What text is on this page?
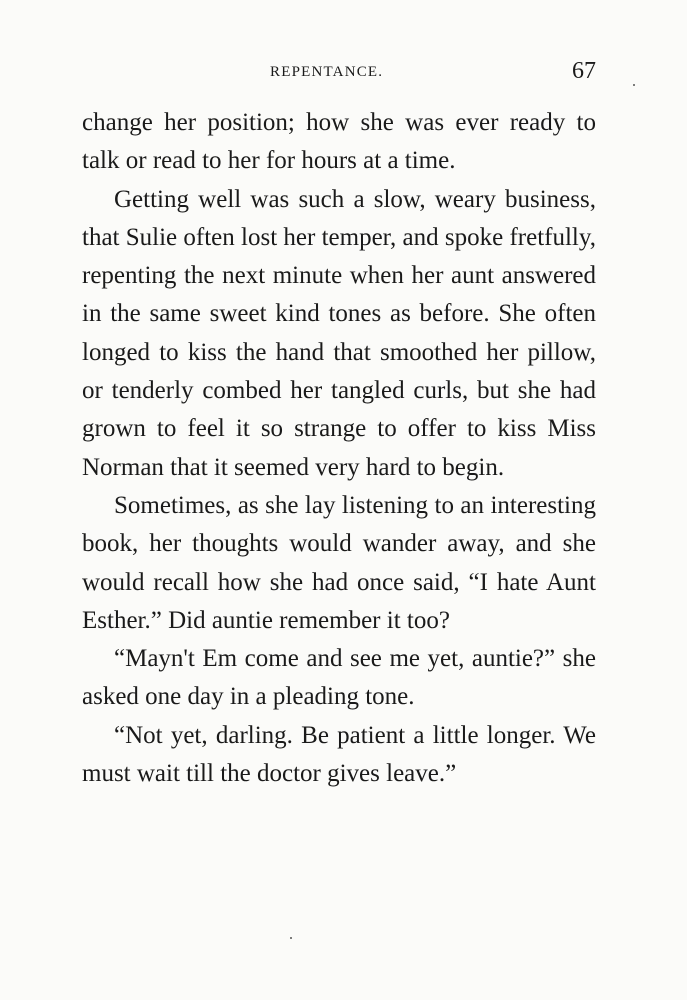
REPENTANCE.	67

change her position; how she was ever ready to talk or read to her for hours at a time.

Getting well was such a slow, weary business, that Sulie often lost her temper, and spoke fretfully, repenting the next minute when her aunt answered in the same sweet kind tones as before. She often longed to kiss the hand that smoothed her pillow, or tenderly combed her tangled curls, but she had grown to feel it so strange to offer to kiss Miss Norman that it seemed very hard to begin.

Sometimes, as she lay listening to an interesting book, her thoughts would wander away, and she would recall how she had once said, “I hate Aunt Esther.” Did auntie remember it too?

“Mayn't Em come and see me yet, auntie?” she asked one day in a pleading tone.

“Not yet, darling. Be patient a little longer. We must wait till the doctor gives leave.”
